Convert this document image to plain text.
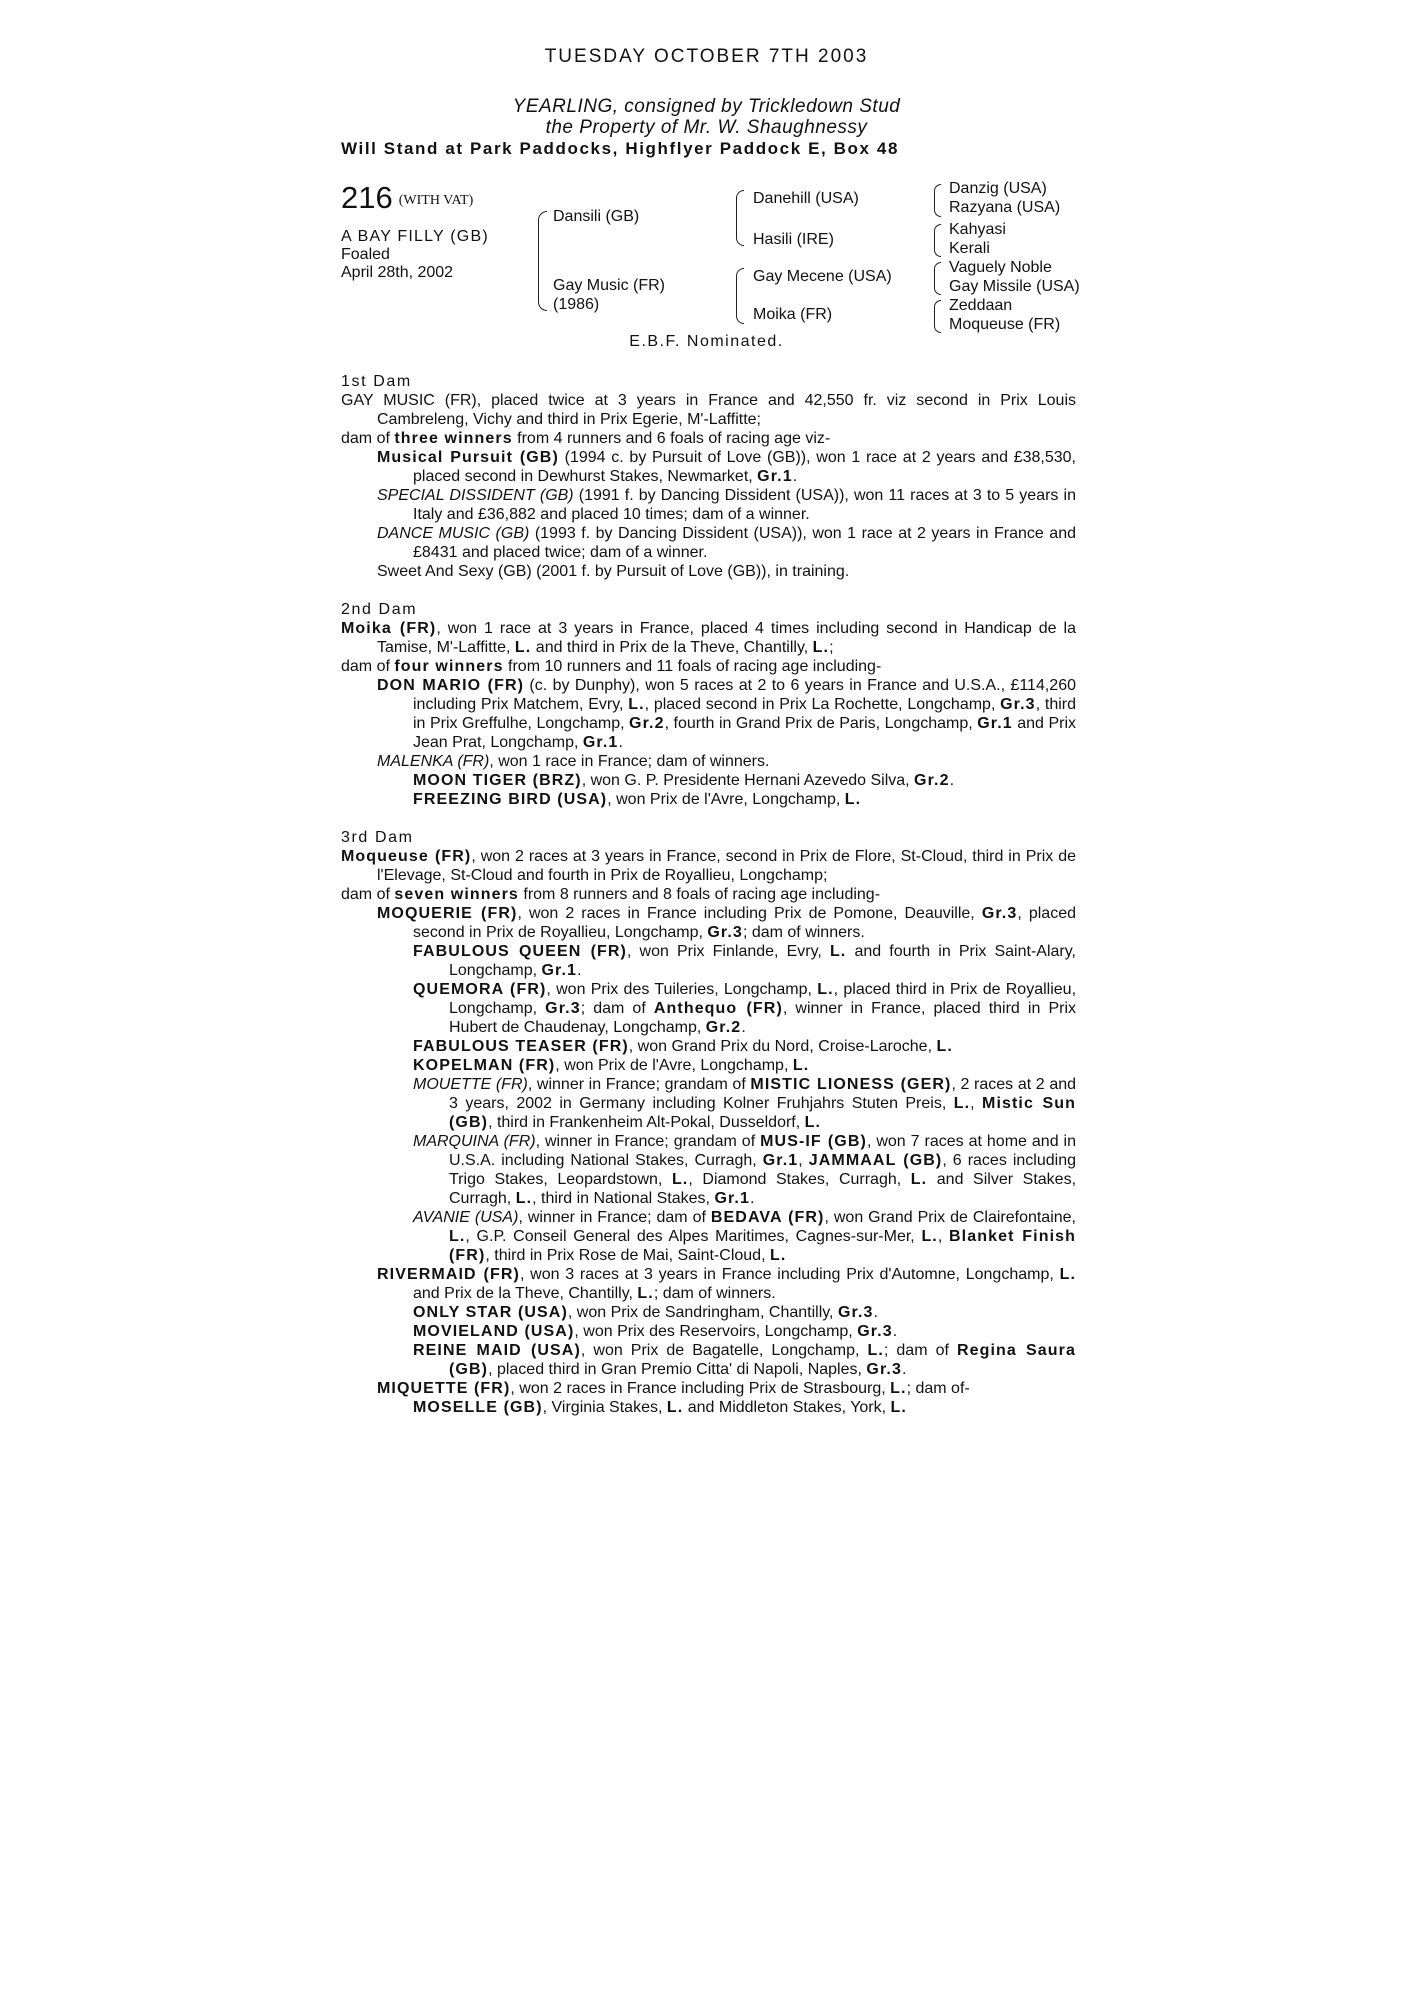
TUESDAY OCTOBER 7TH 2003
YEARLING, consigned by Trickledown Stud
the Property of Mr. W. Shaughnessy
Will Stand at Park Paddocks, Highflyer Paddock E, Box 48
216 (WITH VAT)
A BAY FILLY (GB)
Foaled
April 28th, 2002
Dansili (GB)
Gay Music (FR)
(1986)
Danehill (USA)
Hasili (IRE)
Gay Mecene (USA)
Moika (FR)
Danzig (USA)
Razyana (USA)
Kahyasi
Kerali
Vaguely Noble
Gay Missile (USA)
Zeddaan
Moqueuse (FR)
E.B.F. Nominated.
1st Dam
GAY MUSIC (FR), placed twice at 3 years in France and 42,550 fr. viz second in Prix Louis Cambreleng, Vichy and third in Prix Egerie, M'-Laffitte;
dam of three winners from 4 runners and 6 foals of racing age viz-
Musical Pursuit (GB) (1994 c. by Pursuit of Love (GB)), won 1 race at 2 years and £38,530, placed second in Dewhurst Stakes, Newmarket, Gr.1.
SPECIAL DISSIDENT (GB) (1991 f. by Dancing Dissident (USA)), won 11 races at 3 to 5 years in Italy and £36,882 and placed 10 times; dam of a winner.
DANCE MUSIC (GB) (1993 f. by Dancing Dissident (USA)), won 1 race at 2 years in France and £8431 and placed twice; dam of a winner.
Sweet And Sexy (GB) (2001 f. by Pursuit of Love (GB)), in training.
2nd Dam
Moika (FR), won 1 race at 3 years in France, placed 4 times including second in Handicap de la Tamise, M'-Laffitte, L. and third in Prix de la Theve, Chantilly, L.;
dam of four winners from 10 runners and 11 foals of racing age including-
DON MARIO (FR) (c. by Dunphy), won 5 races at 2 to 6 years in France and U.S.A., £114,260 including Prix Matchem, Evry, L., placed second in Prix La Rochette, Longchamp, Gr.3, third in Prix Greffulhe, Longchamp, Gr.2, fourth in Grand Prix de Paris, Longchamp, Gr.1 and Prix Jean Prat, Longchamp, Gr.1.
MALENKA (FR), won 1 race in France; dam of winners.
MOON TIGER (BRZ), won G. P. Presidente Hernani Azevedo Silva, Gr.2.
FREEZING BIRD (USA), won Prix de l'Avre, Longchamp, L.
3rd Dam
Moqueuse (FR), won 2 races at 3 years in France, second in Prix de Flore, St-Cloud, third in Prix de l'Elevage, St-Cloud and fourth in Prix de Royallieu, Longchamp;
dam of seven winners from 8 runners and 8 foals of racing age including-
MOQUERIE (FR), won 2 races in France including Prix de Pomone, Deauville, Gr.3, placed second in Prix de Royallieu, Longchamp, Gr.3; dam of winners.
FABULOUS QUEEN (FR), won Prix Finlande, Evry, L. and fourth in Prix Saint-Alary, Longchamp, Gr.1.
QUEMORA (FR), won Prix des Tuileries, Longchamp, L., placed third in Prix de Royallieu, Longchamp, Gr.3; dam of Anthequo (FR), winner in France, placed third in Prix Hubert de Chaudenay, Longchamp, Gr.2.
FABULOUS TEASER (FR), won Grand Prix du Nord, Croise-Laroche, L.
KOPELMAN (FR), won Prix de l'Avre, Longchamp, L.
MOUETTE (FR), winner in France; grandam of MISTIC LIONESS (GER), 2 races at 2 and 3 years, 2002 in Germany including Kolner Fruhjahrs Stuten Preis, L., Mistic Sun (GB), third in Frankenheim Alt-Pokal, Dusseldorf, L.
MARQUINA (FR), winner in France; grandam of MUS-IF (GB), won 7 races at home and in U.S.A. including National Stakes, Curragh, Gr.1, JAMMAAL (GB), 6 races including Trigo Stakes, Leopardstown, L., Diamond Stakes, Curragh, L. and Silver Stakes, Curragh, L., third in National Stakes, Gr.1.
AVANIE (USA), winner in France; dam of BEDAVA (FR), won Grand Prix de Clairefontaine, L., G.P. Conseil General des Alpes Maritimes, Cagnes-sur-Mer, L., Blanket Finish (FR), third in Prix Rose de Mai, Saint-Cloud, L.
RIVERMAID (FR), won 3 races at 3 years in France including Prix d'Automne, Longchamp, L. and Prix de la Theve, Chantilly, L.; dam of winners.
ONLY STAR (USA), won Prix de Sandringham, Chantilly, Gr.3.
MOVIELAND (USA), won Prix des Reservoirs, Longchamp, Gr.3.
REINE MAID (USA), won Prix de Bagatelle, Longchamp, L.; dam of Regina Saura (GB), placed third in Gran Premio Citta' di Napoli, Naples, Gr.3.
MIQUETTE (FR), won 2 races in France including Prix de Strasbourg, L.; dam of-
MOSELLE (GB), Virginia Stakes, L. and Middleton Stakes, York, L.
